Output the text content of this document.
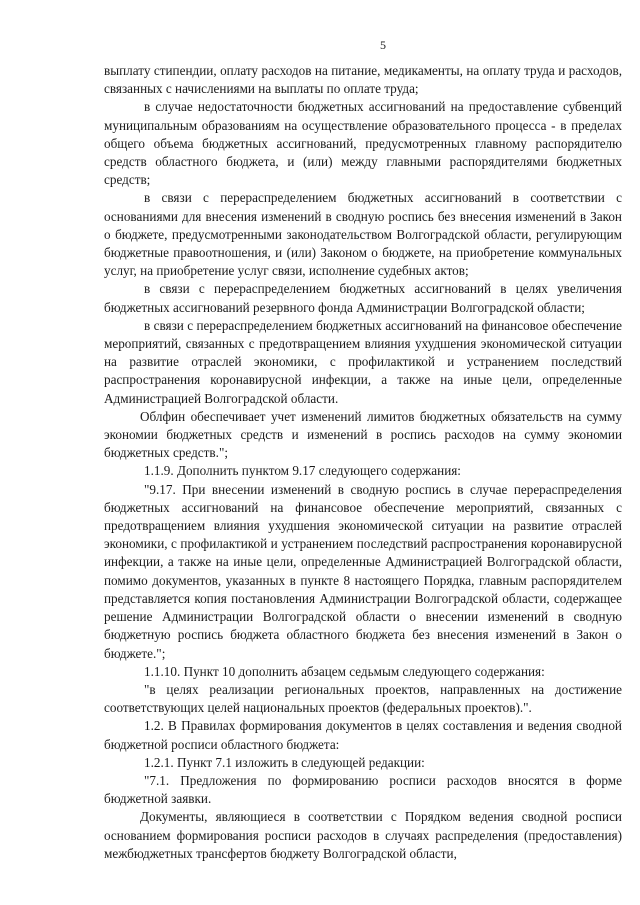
5

выплату стипендии, оплату расходов на питание, медикаменты, на оплату труда и расходов, связанных с начислениями на выплаты по оплате труда;

в случае недостаточности бюджетных ассигнований на предоставление субвенций муниципальным образованиям на осуществление образовательного процесса - в пределах общего объема бюджетных ассигнований, предусмотренных главному распорядителю средств областного бюджета, и (или) между главными распорядителями бюджетных средств;

в связи с перераспределением бюджетных ассигнований в соответствии с основаниями для внесения изменений в сводную роспись без внесения изменений в Закон о бюджете, предусмотренными законодательством Волгоградской области, регулирующим бюджетные правоотношения, и (или) Законом о бюджете, на приобретение коммунальных услуг, на приобретение услуг связи, исполнение судебных актов;

в связи с перераспределением бюджетных ассигнований в целях увеличения бюджетных ассигнований резервного фонда Администрации Волгоградской области;

в связи с перераспределением бюджетных ассигнований на финансовое обеспечение мероприятий, связанных с предотвращением влияния ухудшения экономической ситуации на развитие отраслей экономики, с профилактикой и устранением последствий распространения коронавирусной инфекции, а также на иные цели, определенные Администрацией Волгоградской области.

Облфин обеспечивает учет изменений лимитов бюджетных обязательств на сумму экономии бюджетных средств и изменений в роспись расходов на сумму экономии бюджетных средств.";

1.1.9. Дополнить пунктом 9.17 следующего содержания:

"9.17. При внесении изменений в сводную роспись в случае перераспределения бюджетных ассигнований на финансовое обеспечение мероприятий, связанных с предотвращением влияния ухудшения экономической ситуации на развитие отраслей экономики, с профилактикой и устранением последствий распространения коронавирусной инфекции, а также на иные цели, определенные Администрацией Волгоградской области, помимо документов, указанных в пункте 8 настоящего Порядка, главным распорядителем представляется копия постановления Администрации Волгоградской области, содержащее решение Администрации Волгоградской области о внесении изменений в сводную бюджетную роспись бюджета областного бюджета без внесения изменений в Закон о бюджете.";

1.1.10. Пункт 10 дополнить абзацем седьмым следующего содержания:

"в целях реализации региональных проектов, направленных на достижение соответствующих целей национальных проектов (федеральных проектов).".

1.2. В Правилах формирования документов в целях составления и ведения сводной бюджетной росписи областного бюджета:

1.2.1. Пункт 7.1 изложить в следующей редакции:

"7.1. Предложения по формированию росписи расходов вносятся в форме бюджетной заявки.

Документы, являющиеся в соответствии с Порядком ведения сводной росписи основанием формирования росписи расходов в случаях распределения (предоставления) межбюджетных трансфертов бюджету Волгоградской области,
